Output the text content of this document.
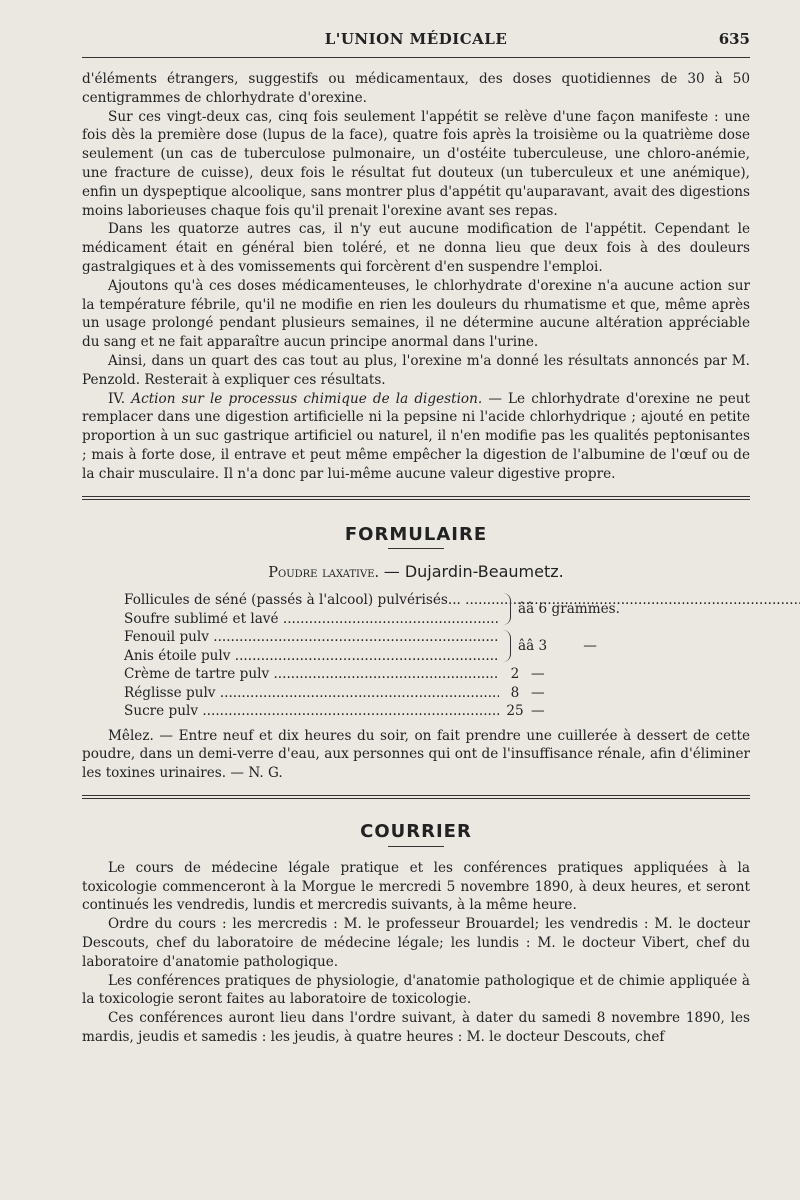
L'UNION MÉDICALE	635

d'éléments étrangers, suggestifs ou médicamentaux, des doses quotidiennes de 30 à 50 centigrammes de chlorhydrate d'orexine.

Sur ces vingt-deux cas, cinq fois seulement l'appétit se relève d'une façon manifeste : une fois dès la première dose (lupus de la face), quatre fois après la troisième ou la quatrième dose seulement (un cas de tuberculose pulmonaire, un d'ostéite tuberculeuse, une chloro-anémie, une fracture de cuisse), deux fois le résultat fut douteux (un tuberculeux et une anémique), enfin un dyspeptique alcoolique, sans montrer plus d'appétit qu'auparavant, avait des digestions moins laborieuses chaque fois qu'il prenait l'orexine avant ses repas.

Dans les quatorze autres cas, il n'y eut aucune modification de l'appétit. Cependant le médicament était en général bien toléré, et ne donna lieu que deux fois à des douleurs gastralgiques et à des vomissements qui forcèrent d'en suspendre l'emploi.

Ajoutons qu'à ces doses médicamenteuses, le chlorhydrate d'orexine n'a aucune action sur la température fébrile, qu'il ne modifie en rien les douleurs du rhumatisme et que, même après un usage prolongé pendant plusieurs semaines, il ne détermine aucune altération appréciable du sang et ne fait apparaître aucun principe anormal dans l'urine.

Ainsi, dans un quart des cas tout au plus, l'orexine m'a donné les résultats annoncés par M. Penzold. Resterait à expliquer ces résultats.

IV. Action sur le processus chimique de la digestion. — Le chlorhydrate d'orexine ne peut remplacer dans une digestion artificielle ni la pepsine ni l'acide chlorhydrique ; ajouté en petite proportion à un suc gastrique artificiel ou naturel, il n'en modifie pas les qualités peptonisantes ; mais à forte dose, il entrave et peut même empêcher la digestion de l'albumine de l'œuf ou de la chair musculaire. Il n'a donc par lui-même aucune valeur digestive propre.

FORMULAIRE
Poudre laxative. — Dujardin-Beaumetz.
Follicules de séné (passés à l'alcool) pulvérisés... .....
Soufre sublimé et lavé .....
ââ 6 grammes.
Fenouil pulv .....
Anis étoile pulv .....
ââ 3	—
Crème de tartre pulv .....	2 —
Réglisse pulv .....	8 —
Sucre pulv .....	25 —

Mêlez. — Entre neuf et dix heures du soir, on fait prendre une cuillerée à dessert de cette poudre, dans un demi-verre d'eau, aux personnes qui ont de l'insuffisance rénale, afin d'éliminer les toxines urinaires. — N. G.

COURRIER

Le cours de médecine légale pratique et les conférences pratiques appliquées à la toxicologie commenceront à la Morgue le mercredi 5 novembre 1890, à deux heures, et seront continués les vendredis, lundis et mercredis suivants, à la même heure.

Ordre du cours : les mercredis : M. le professeur Brouardel; les vendredis : M. le docteur Descouts, chef du laboratoire de médecine légale; les lundis : M. le docteur Vibert, chef du laboratoire d'anatomie pathologique.

Les conférences pratiques de physiologie, d'anatomie pathologique et de chimie appliquée à la toxicologie seront faites au laboratoire de toxicologie.

Ces conférences auront lieu dans l'ordre suivant, à dater du samedi 8 novembre 1890, les mardis, jeudis et samedis : les jeudis, à quatre heures : M. le docteur Descouts, chef
